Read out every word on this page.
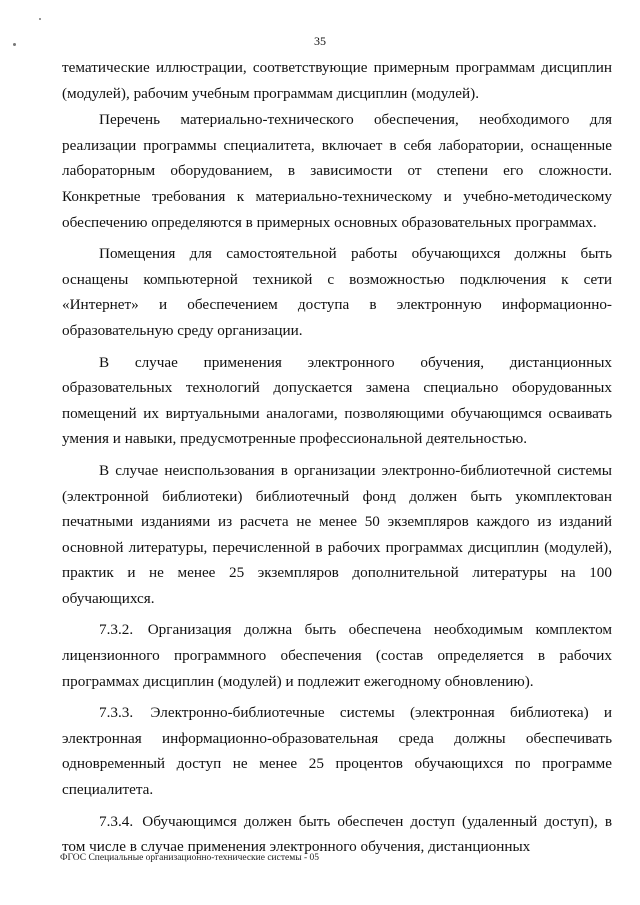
35

тематические иллюстрации, соответствующие примерным программам дисциплин (модулей), рабочим учебным программам дисциплин (модулей).

Перечень материально-технического обеспечения, необходимого для реализации программы специалитета, включает в себя лаборатории, оснащенные лабораторным оборудованием, в зависимости от степени его сложности. Конкретные требования к материально-техническому и учебно-методическому обеспечению определяются в примерных основных образовательных программах.

Помещения для самостоятельной работы обучающихся должны быть оснащены компьютерной техникой с возможностью подключения к сети «Интернет» и обеспечением доступа в электронную информационно-образовательную среду организации.

В случае применения электронного обучения, дистанционных образовательных технологий допускается замена специально оборудованных помещений их виртуальными аналогами, позволяющими обучающимся осваивать умения и навыки, предусмотренные профессиональной деятельностью.

В случае неиспользования в организации электронно-библиотечной системы (электронной библиотеки) библиотечный фонд должен быть укомплектован печатными изданиями из расчета не менее 50 экземпляров каждого из изданий основной литературы, перечисленной в рабочих программах дисциплин (модулей), практик и не менее 25 экземпляров дополнительной литературы на 100 обучающихся.

7.3.2. Организация должна быть обеспечена необходимым комплектом лицензионного программного обеспечения (состав определяется в рабочих программах дисциплин (модулей) и подлежит ежегодному обновлению).

7.3.3. Электронно-библиотечные системы (электронная библиотека) и электронная информационно-образовательная среда должны обеспечивать одновременный доступ не менее 25 процентов обучающихся по программе специалитета.

7.3.4. Обучающимся должен быть обеспечен доступ (удаленный доступ), в том числе в случае применения электронного обучения, дистанционных

ФГОС Специальные организационно-технические системы - 05
